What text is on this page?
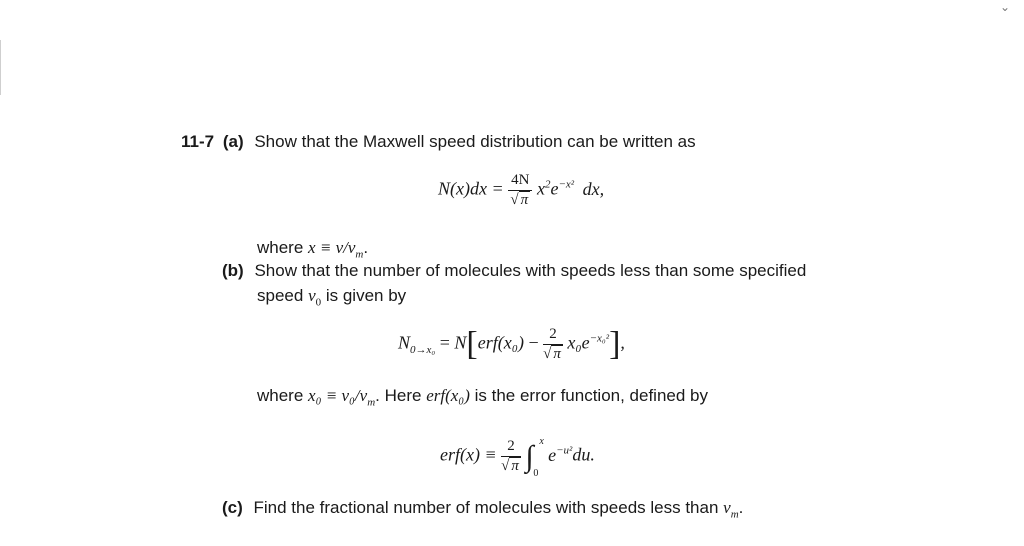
⌄
11-7 (a) Show that the Maxwell speed distribution can be written as
$N(x)dx = \frac{4N}{√ \pi} x^2e^{-x^2}$ dx,
where $x \equiv v/v_m$.
(b) Show that the number of molecules with speeds less than some specified
speed $v_0$ is given by
$N_{0\to x_0} = N[erf(x_0) - \frac{2}{√ \pi} x_0e^{-x_0^2}]$,
where $x_0 \equiv v_0/v_m$. Here erf(x₀) is the error function, defined by
$erf(x) \equiv \frac{2}{√ \pi}$ ∫ x
0
$e^{-u^2}du$.
(c) Find the fractional number of molecules with speeds less than $v_m$.
